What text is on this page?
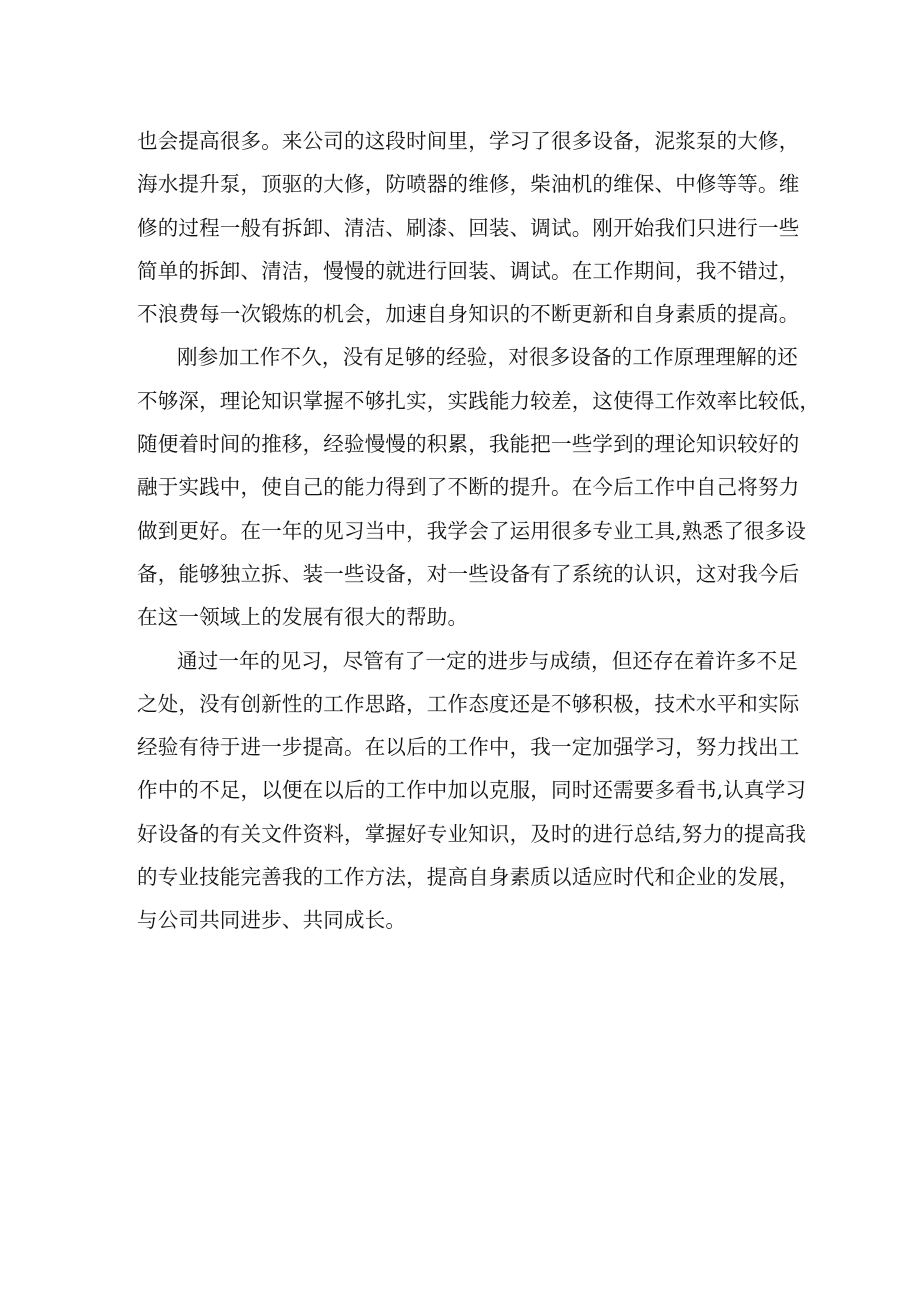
也会提高很多。来公司的这段时间里，学习了很多设备，泥浆泵的大修，
海水提升泵，顶驱的大修，防喷器的维修，柴油机的维保、中修等等。维
修的过程一般有拆卸、清洁、刷漆、回装、调试。刚开始我们只进行一些
简单的拆卸、清洁，慢慢的就进行回装、调试。在工作期间，我不错过，
不浪费每一次锻炼的机会，加速自身知识的不断更新和自身素质的提高。
刚参加工作不久，没有足够的经验，对很多设备的工作原理理解的还
不够深，理论知识掌握不够扎实，实践能力较差，这使得工作效率比较低，
随便着时间的推移，经验慢慢的积累，我能把一些学到的理论知识较好的
融于实践中，使自己的能力得到了不断的提升。在今后工作中自己将努力
做到更好。在一年的见习当中，我学会了运用很多专业工具,熟悉了很多设
备，能够独立拆、装一些设备，对一些设备有了系统的认识，这对我今后
在这一领域上的发展有很大的帮助。
通过一年的见习，尽管有了一定的进步与成绩，但还存在着许多不足
之处，没有创新性的工作思路，工作态度还是不够积极，技术水平和实际
经验有待于进一步提高。在以后的工作中，我一定加强学习，努力找出工
作中的不足，以便在以后的工作中加以克服，同时还需要多看书,认真学习
好设备的有关文件资料，掌握好专业知识，及时的进行总结,努力的提高我
的专业技能完善我的工作方法，提高自身素质以适应时代和企业的发展，
与公司共同进步、共同成长。
